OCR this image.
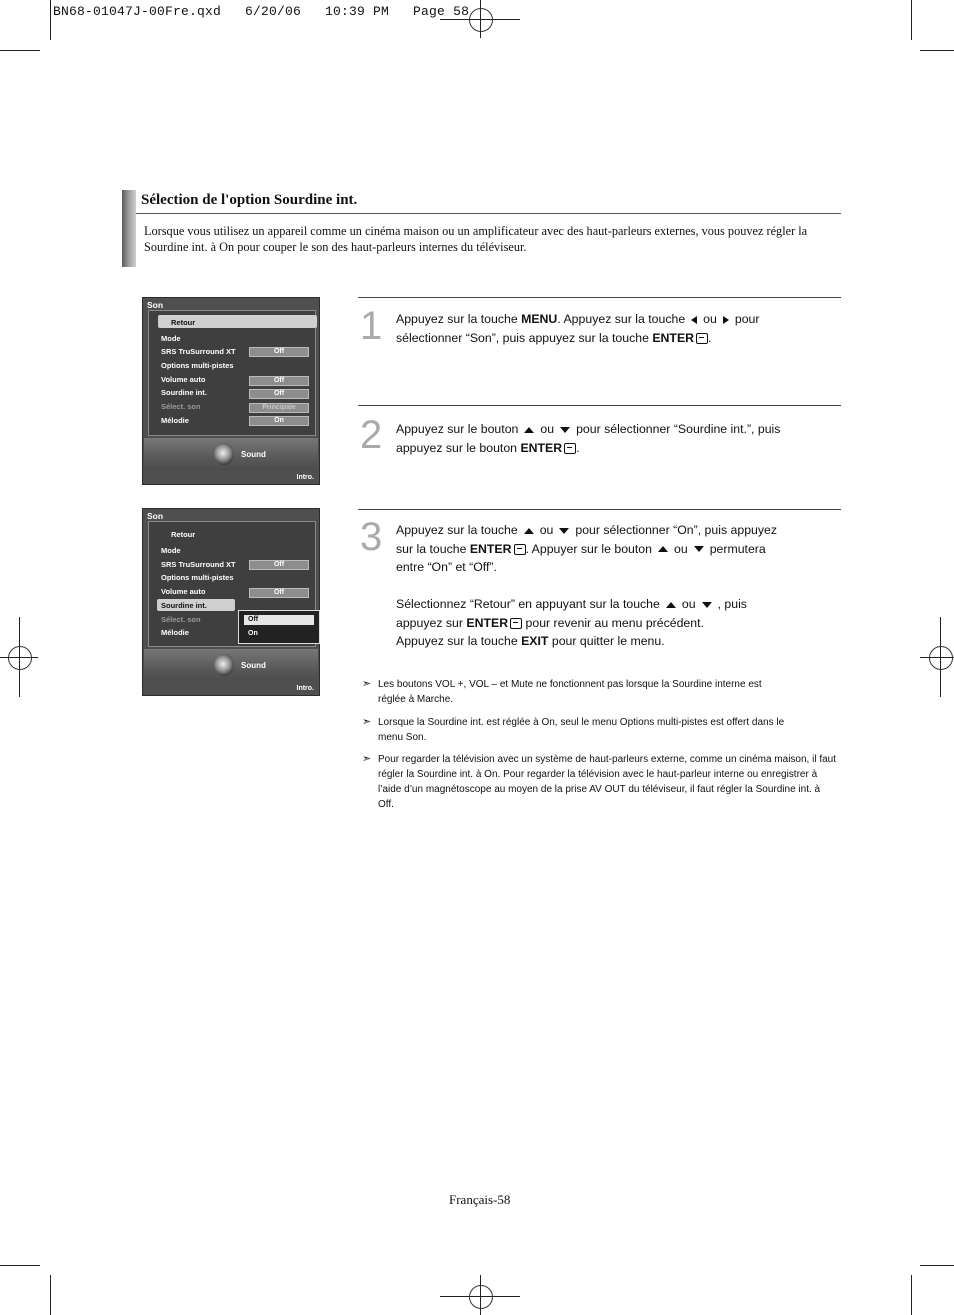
BN68-01047J-00Fre.qxd   6/20/06   10:39 PM   Page 58
Sélection de l'option Sourdine int.
Lorsque vous utilisez un appareil comme un cinéma maison ou un amplificateur avec des haut-parleurs externes, vous pouvez régler la Sourdine int. à On pour couper le son des haut-parleurs internes du téléviseur.
Son
Retour
Mode
SRS TruSurround XT	Off
Options multi-pistes
Volume auto	Off
Sourdine int.	Off
Sélect. son	Principale
Mélodie	On
Sound
Intro.
Son
Retour
Mode
SRS TruSurround XT	Off
Options multi-pistes
Volume auto	Off
Sourdine int.
Sélect. son
Mélodie
Off
On
Sound
Intro.
1 Appuyez sur la touche MENU. Appuyez sur la touche ou pour
sélectionner “Son”, puis appuyez sur la touche ENTER .
2 Appuyez sur le bouton ou pour sélectionner “Sourdine int.”, puis
appuyez sur le bouton ENTER .
3 Appuyez sur la touche ou pour sélectionner “On”, puis appuyez
sur la touche ENTER . Appuyer sur le bouton ou permutera
entre “On” et “Off”.

Sélectionnez “Retour” en appuyant sur la touche ou , puis
appuyez sur ENTER pour revenir au menu précédent.
Appuyez sur la touche EXIT pour quitter le menu.
➣ Les boutons VOL +, VOL – et Mute ne fonctionnent pas lorsque la Sourdine interne est réglée à Marche.
➣ Lorsque la Sourdine int. est réglée à On, seul le menu Options multi-pistes est offert dans le menu Son.
➣ Pour regarder la télévision avec un système de haut-parleurs externe, comme un cinéma maison, il faut régler la Sourdine int. à On. Pour regarder la télévision avec le haut-parleur interne ou enregistrer à l’aide d’un magnétoscope au moyen de la prise AV OUT du téléviseur, il faut régler la Sourdine int. à Off.
Français-58
